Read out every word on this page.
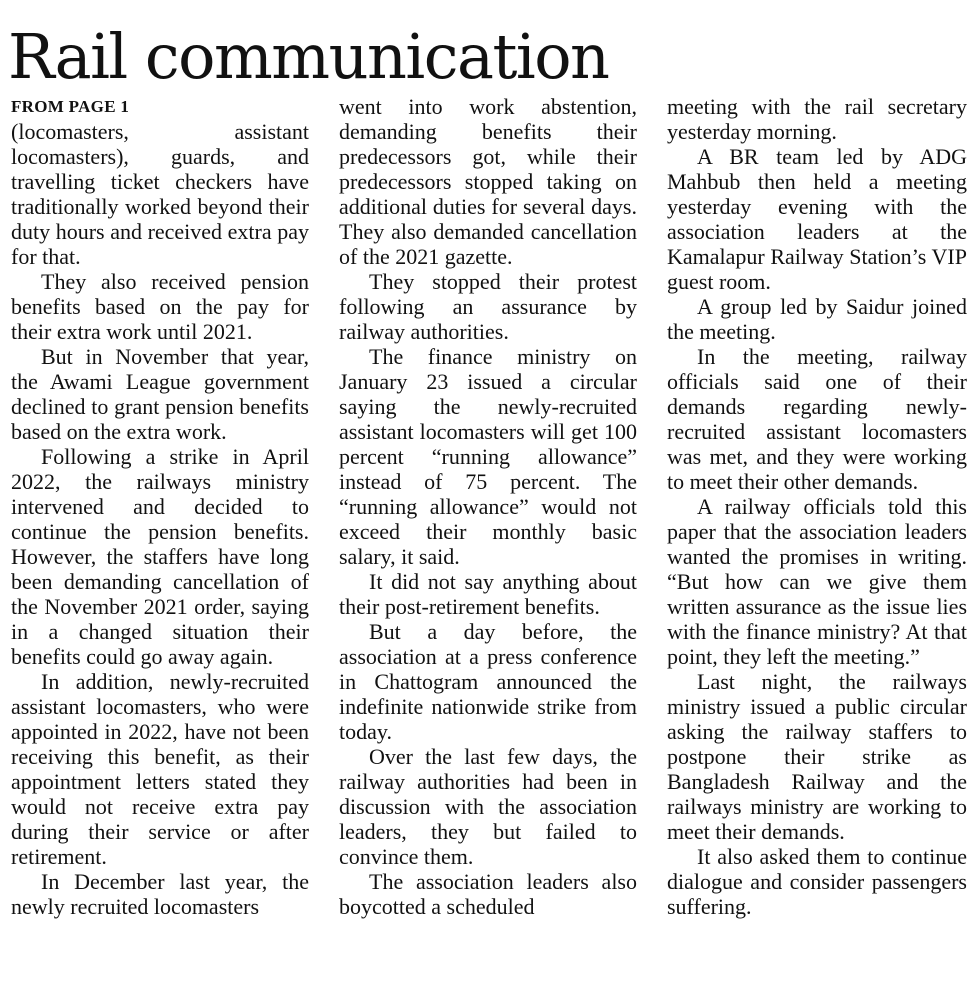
Rail communication
FROM PAGE 1

(locomasters, assistant locomasters), guards, and travelling ticket checkers have traditionally worked beyond their duty hours and received extra pay for that.

They also received pension benefits based on the pay for their extra work until 2021.

But in November that year, the Awami League government declined to grant pension benefits based on the extra work.

Following a strike in April 2022, the railways ministry intervened and decided to continue the pension benefits. However, the staffers have long been demanding cancellation of the November 2021 order, saying in a changed situation their benefits could go away again.

In addition, newly-recruited assistant locomasters, who were appointed in 2022, have not been receiving this benefit, as their appointment letters stated they would not receive extra pay during their service or after retirement.

In December last year, the newly recruited locomasters

went into work abstention, demanding benefits their predecessors got, while their predecessors stopped taking on additional duties for several days. They also demanded cancellation of the 2021 gazette.

They stopped their protest following an assurance by railway authorities.

The finance ministry on January 23 issued a circular saying the newly-recruited assistant locomasters will get 100 percent “running allowance” instead of 75 percent. The “running allowance” would not exceed their monthly basic salary, it said.

It did not say anything about their post-retirement benefits.

But a day before, the association at a press conference in Chattogram announced the indefinite nationwide strike from today.

Over the last few days, the railway authorities had been in discussion with the association leaders, they but failed to convince them.

The association leaders also boycotted a scheduled

meeting with the rail secretary yesterday morning.

A BR team led by ADG Mahbub then held a meeting yesterday evening with the association leaders at the Kamalapur Railway Station’s VIP guest room.

A group led by Saidur joined the meeting.

In the meeting, railway officials said one of their demands regarding newly-recruited assistant locomasters was met, and they were working to meet their other demands.

A railway officials told this paper that the association leaders wanted the promises in writing. “But how can we give them written assurance as the issue lies with the finance ministry? At that point, they left the meeting.”

Last night, the railways ministry issued a public circular asking the railway staffers to postpone their strike as Bangladesh Railway and the railways ministry are working to meet their demands.

It also asked them to continue dialogue and consider passengers suffering.
